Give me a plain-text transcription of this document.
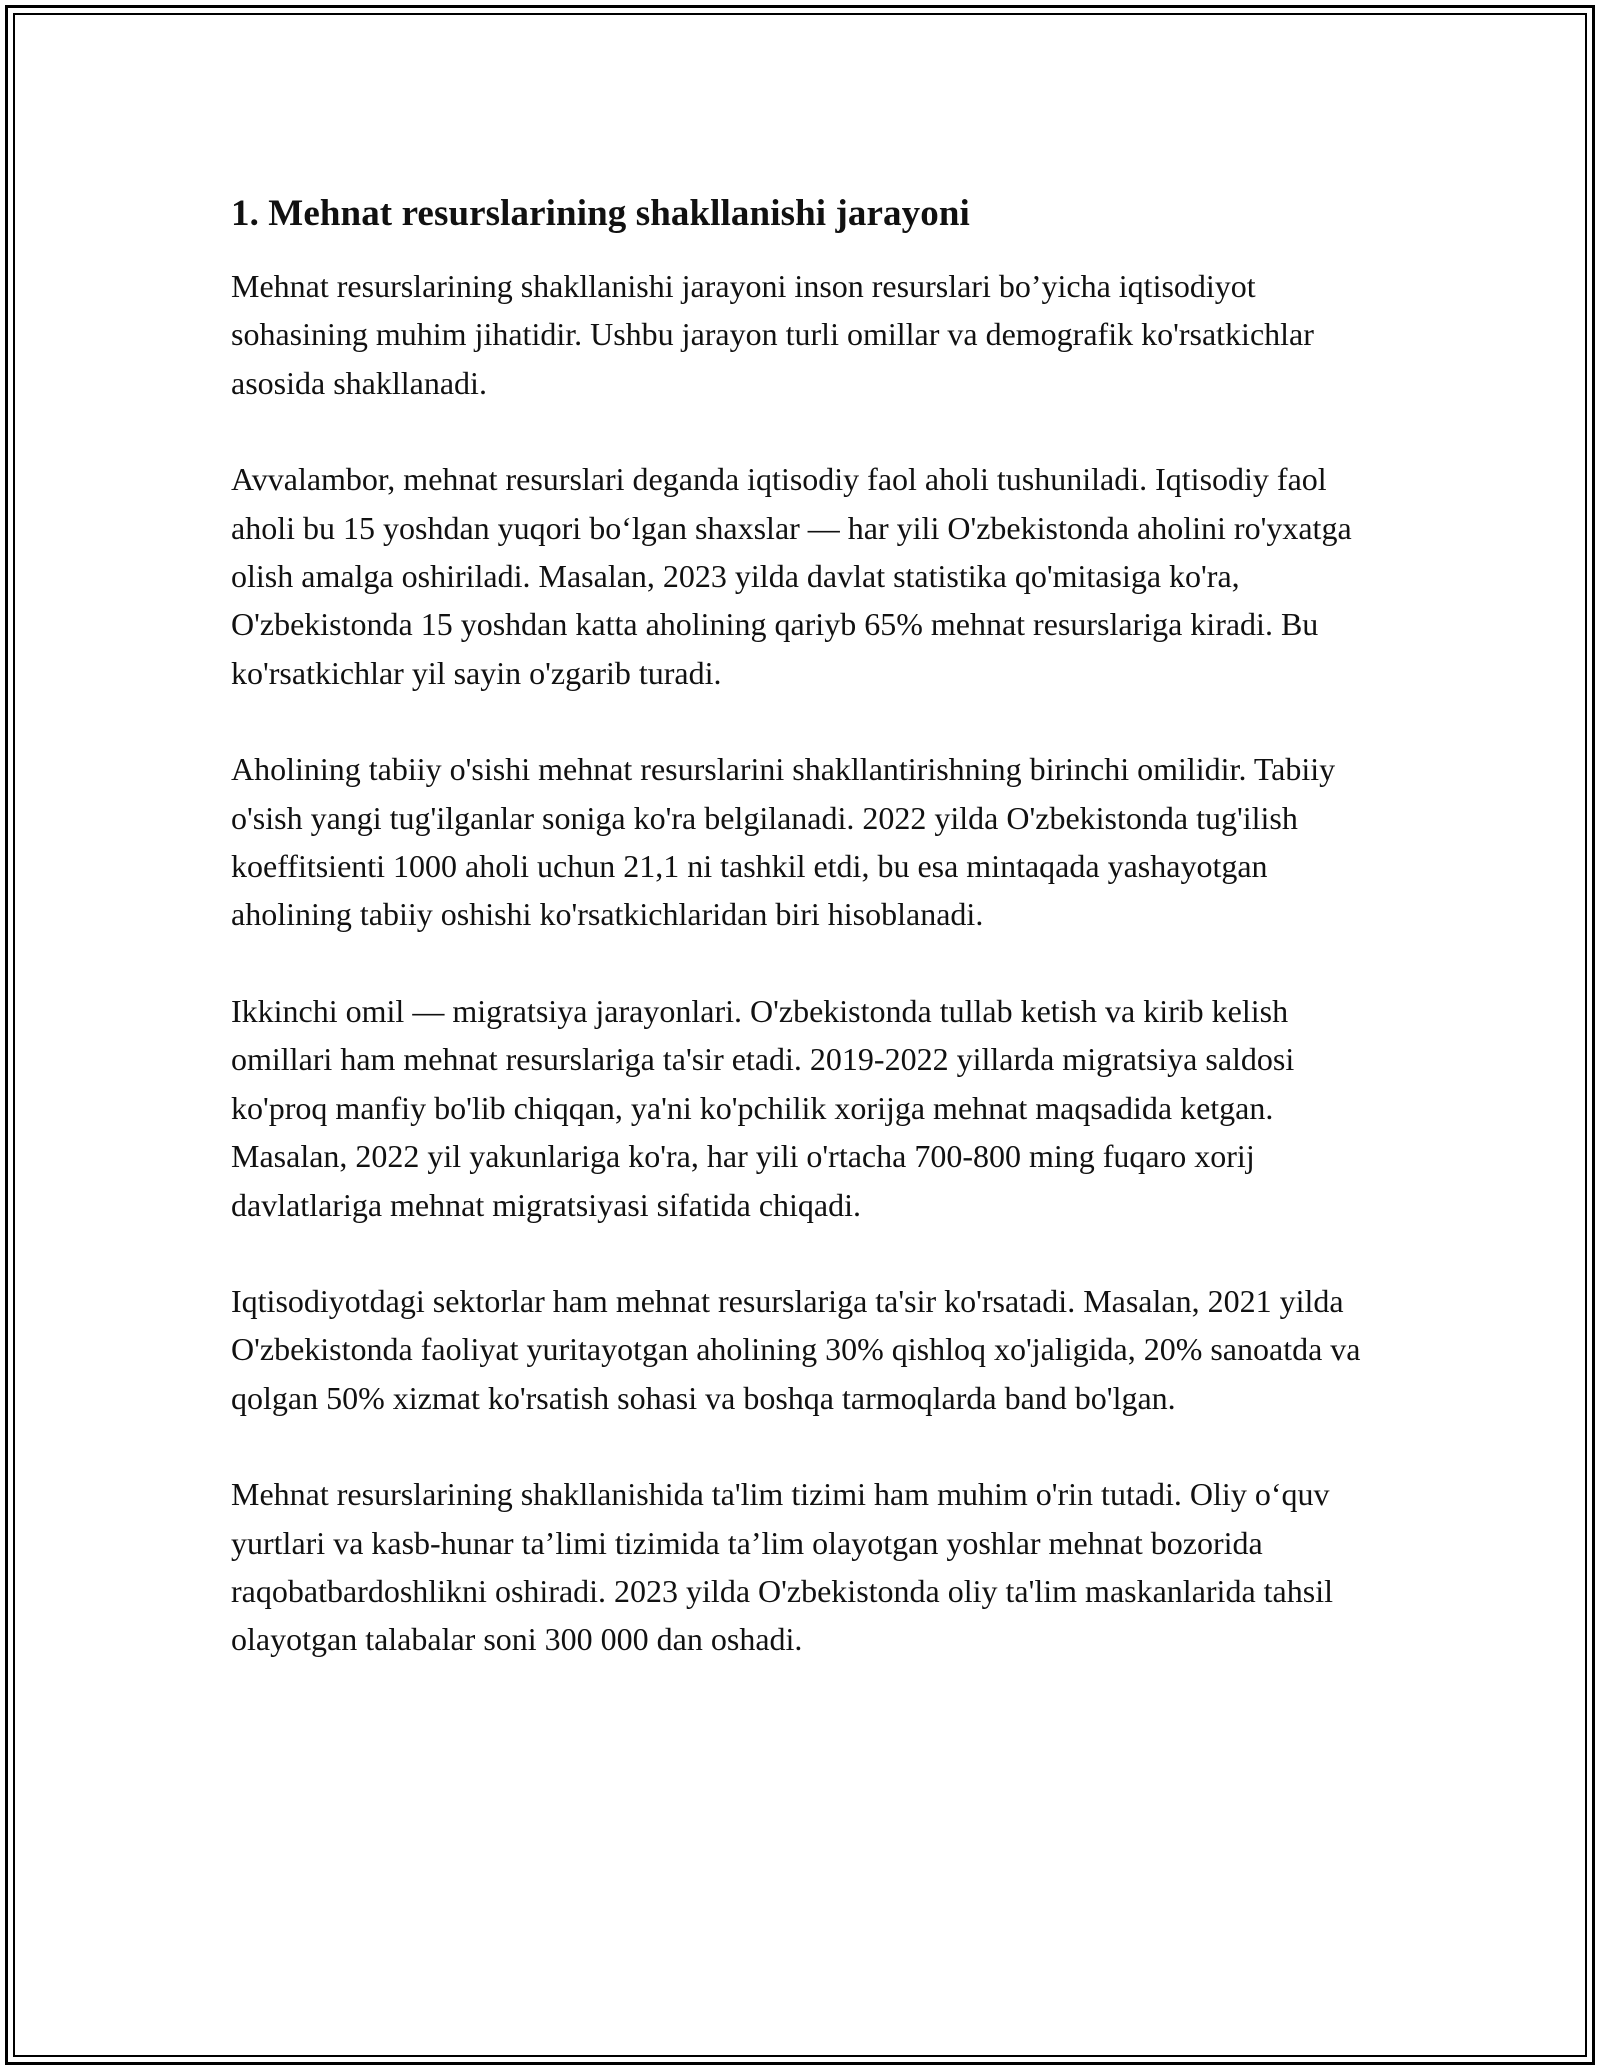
1. Mehnat resurslarining shakllanishi jarayoni

Mehnat resurslarining shakllanishi jarayoni inson resurslari bo’yicha iqtisodiyot sohasining muhim jihatidir. Ushbu jarayon turli omillar va demografik ko'rsatkichlar asosida shakllanadi.

Avvalambor, mehnat resurslari deganda iqtisodiy faol aholi tushuniladi. Iqtisodiy faol aholi bu 15 yoshdan yuqori bo‘lgan shaxslar — har yili O'zbekistonda aholini ro'yxatga olish amalga oshiriladi. Masalan, 2023 yilda davlat statistika qo'mitasiga ko'ra, O'zbekistonda 15 yoshdan katta aholining qariyb 65% mehnat resurslariga kiradi. Bu ko'rsatkichlar yil sayin o'zgarib turadi.

Aholining tabiiy o'sishi mehnat resurslarini shakllantirishning birinchi omilidir. Tabiiy o'sish yangi tug'ilganlar soniga ko'ra belgilanadi. 2022 yilda O'zbekistonda tug'ilish koeffitsienti 1000 aholi uchun 21,1 ni tashkil etdi, bu esa mintaqada yashayotgan aholining tabiiy oshishi ko'rsatkichlaridan biri hisoblanadi.

Ikkinchi omil — migratsiya jarayonlari. O'zbekistonda tullab ketish va kirib kelish omillari ham mehnat resurslariga ta'sir etadi. 2019-2022 yillarda migratsiya saldosi ko'proq manfiy bo'lib chiqqan, ya'ni ko'pchilik xorijga mehnat maqsadida ketgan. Masalan, 2022 yil yakunlariga ko'ra, har yili o'rtacha 700-800 ming fuqaro xorij davlatlariga mehnat migratsiyasi sifatida chiqadi.

Iqtisodiyotdagi sektorlar ham mehnat resurslariga ta'sir ko'rsatadi. Masalan, 2021 yilda O'zbekistonda faoliyat yuritayotgan aholining 30% qishloq xo'jaligida, 20% sanoatda va qolgan 50% xizmat ko'rsatish sohasi va boshqa tarmoqlarda band bo'lgan.

Mehnat resurslarining shakllanishida ta'lim tizimi ham muhim o'rin tutadi. Oliy o‘quv yurtlari va kasb-hunar ta’limi tizimida ta’lim olayotgan yoshlar mehnat bozorida raqobatbardoshlikni oshiradi. 2023 yilda O'zbekistonda oliy ta'lim maskanlarida tahsil olayotgan talabalar soni 300 000 dan oshadi.
